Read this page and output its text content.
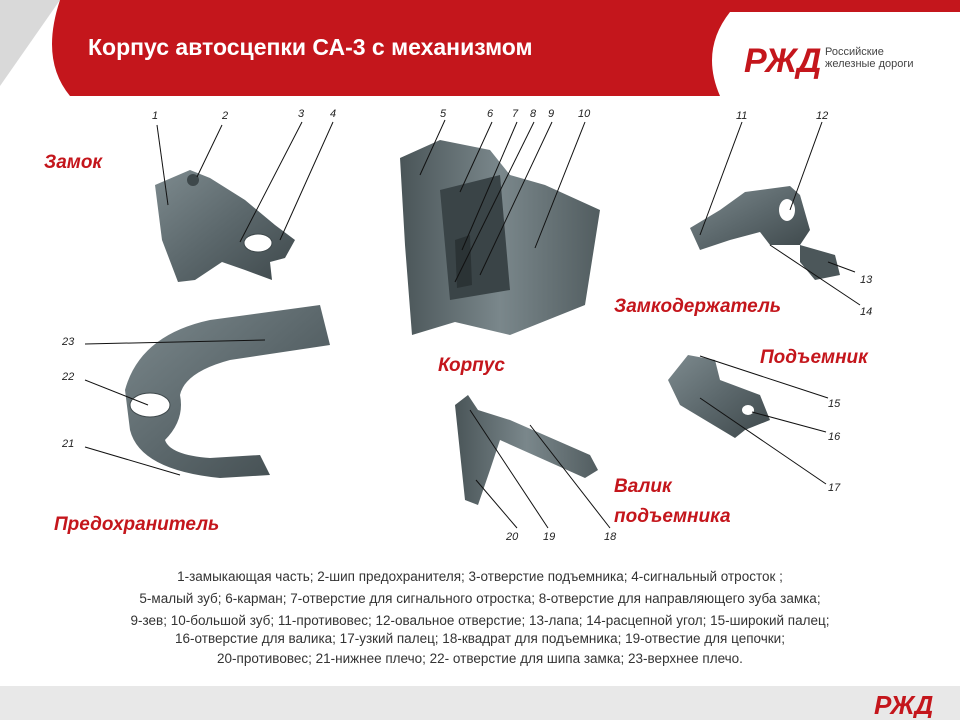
Корпус автосцепки СА-3 с механизмом	РЖД Российские
железные дороги
Замок
Замкодержатель
Корпус	Подъемник
Валик
подъемника
Предохранитель
1	2	3 4	5	6 7 8 9 10	11	12
13
14
15
16
17
18
19
20
21
22
23
1-замыкающая часть; 2-шип предохранителя; 3-отверстие подъемника; 4-сигнальный отросток ;
5-малый зуб; 6-карман; 7-отверстие для сигнального отростка; 8-отверстие для направляющего зуба замка;
9-зев; 10-большой зуб; 11-противовес; 12-овальное отверстие; 13-лапа; 14-расцепной угол; 15-широкий палец;
16-отверстие для валика; 17-узкий палец; 18-квадрат для подъемника; 19-отвестие для цепочки;
20-противовес; 21-нижнее плечо; 22- отверстие для шипа замка; 23-верхнее плечо.
РЖД
